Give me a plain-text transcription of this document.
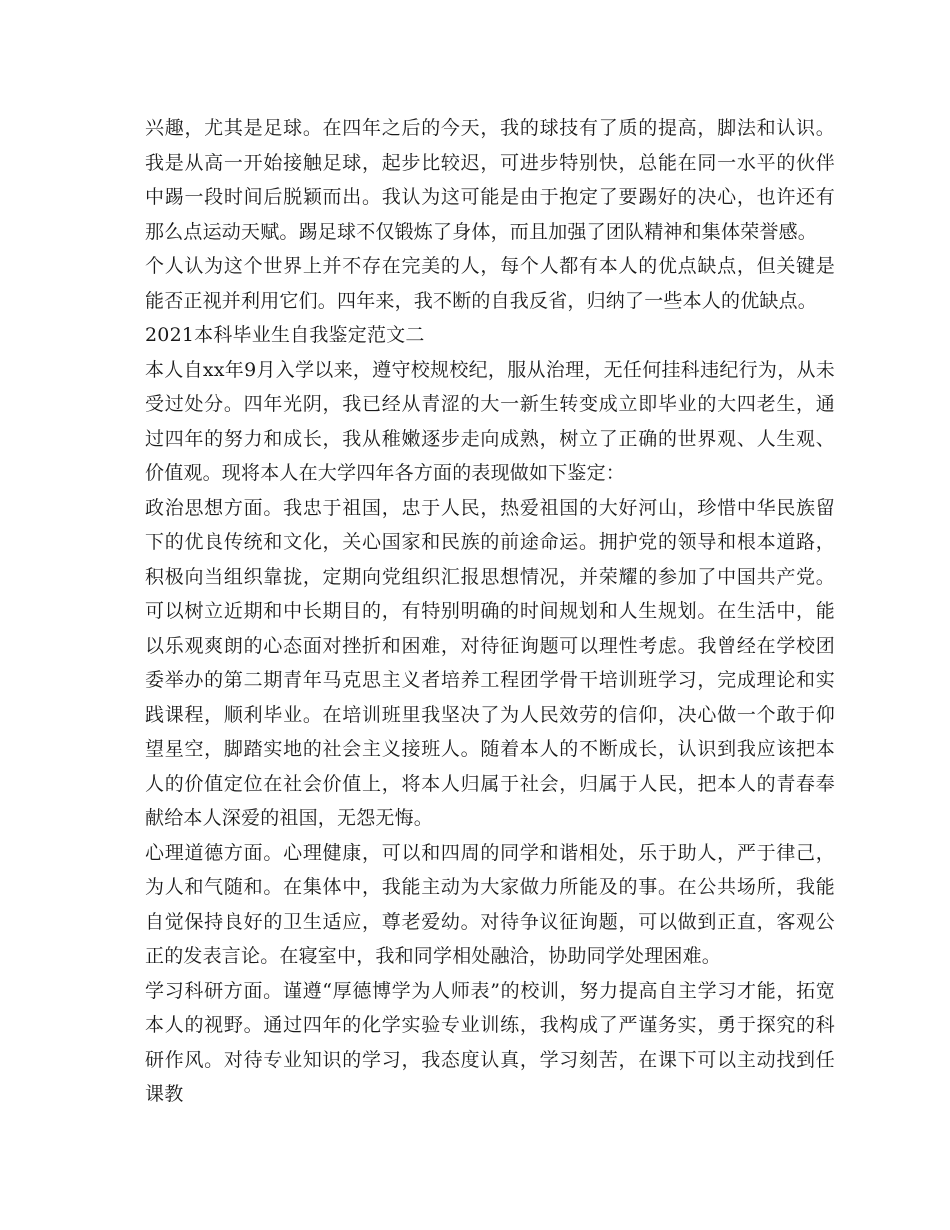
兴趣，尤其是足球。在四年之后的今天，我的球技有了质的提高，脚法和认识。我是从高一开始接触足球，起步比较迟，可进步特别快，总能在同一水平的伙伴中踢一段时间后脱颖而出。我认为这可能是由于抱定了要踢好的决心，也许还有那么点运动天赋。踢足球不仅锻炼了身体，而且加强了团队精神和集体荣誉感。

个人认为这个世界上并不存在完美的人，每个人都有本人的优点缺点，但关键是能否正视并利用它们。四年来，我不断的自我反省，归纳了一些本人的优缺点。

2021本科毕业生自我鉴定范文二

本人自xx年9月入学以来，遵守校规校纪，服从治理，无任何挂科违纪行为，从未受过处分。四年光阴，我已经从青涩的大一新生转变成立即毕业的大四老生，通过四年的努力和成长，我从稚嫩逐步走向成熟，树立了正确的世界观、人生观、价值观。现将本人在大学四年各方面的表现做如下鉴定：

政治思想方面。我忠于祖国，忠于人民，热爱祖国的大好河山，珍惜中华民族留下的优良传统和文化，关心国家和民族的前途命运。拥护党的领导和根本道路，积极向当组织靠拢，定期向党组织汇报思想情况，并荣耀的参加了中国共产党。可以树立近期和中长期目的，有特别明确的时间规划和人生规划。在生活中，能以乐观爽朗的心态面对挫折和困难，对待征询题可以理性考虑。我曾经在学校团委举办的第二期青年马克思主义者培养工程团学骨干培训班学习，完成理论和实践课程，顺利毕业。在培训班里我坚决了为人民效劳的信仰，决心做一个敢于仰望星空，脚踏实地的社会主义接班人。随着本人的不断成长，认识到我应该把本人的价值定位在社会价值上，将本人归属于社会，归属于人民，把本人的青春奉献给本人深爱的祖国，无怨无悔。

心理道德方面。心理健康，可以和四周的同学和谐相处，乐于助人，严于律己，为人和气随和。在集体中，我能主动为大家做力所能及的事。在公共场所，我能自觉保持良好的卫生适应，尊老爱幼。对待争议征询题，可以做到正直，客观公正的发表言论。在寝室中，我和同学相处融洽，协助同学处理困难。

学习科研方面。谨遵“厚德博学为人师表”的校训，努力提高自主学习才能，拓宽本人的视野。通过四年的化学实验专业训练，我构成了严谨务实，勇于探究的科研作风。对待专业知识的学习，我态度认真，学习刻苦，在课下可以主动找到任课教
